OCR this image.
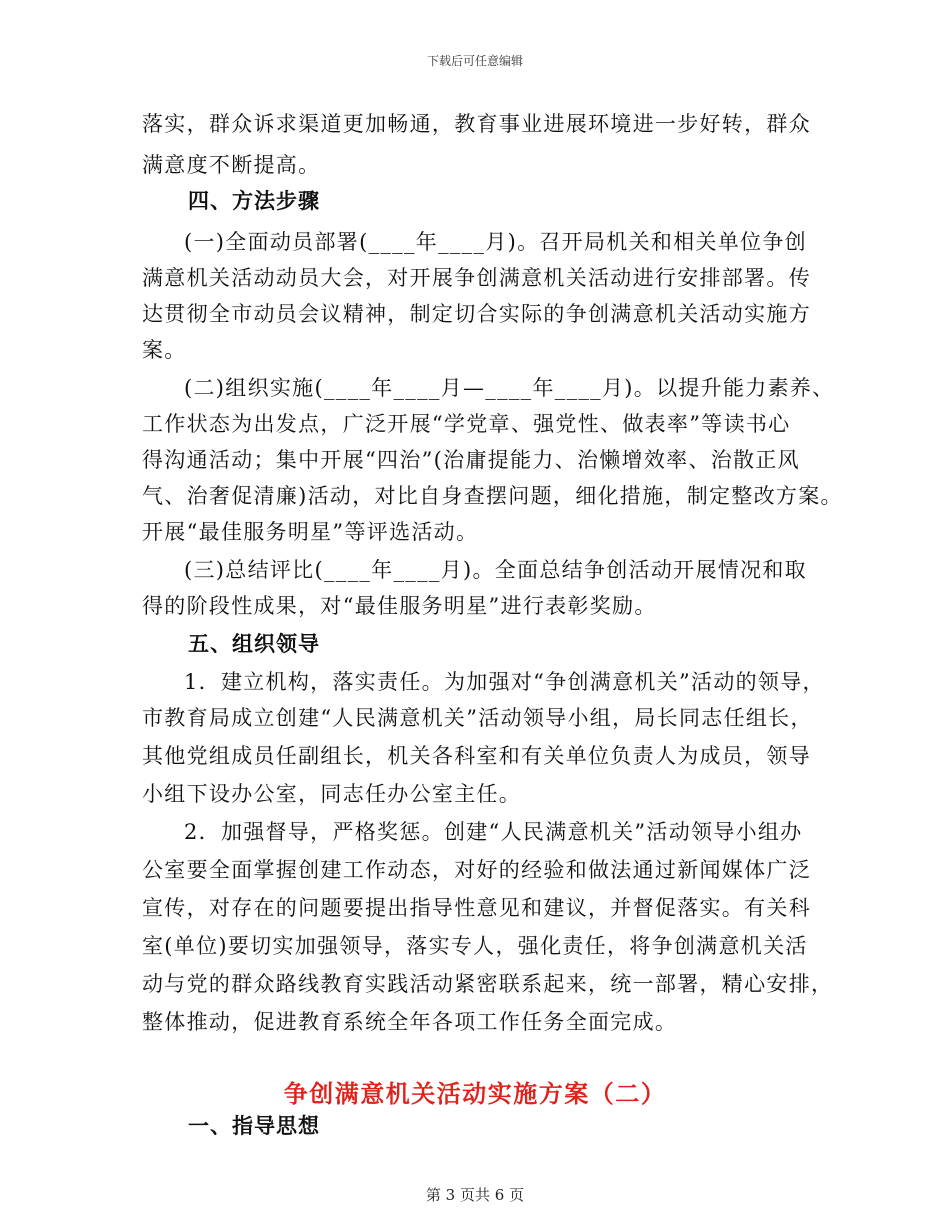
下载后可任意编辑
落实，群众诉求渠道更加畅通，教育事业进展环境进一步好转，群众
满意度不断提高。
四、方法步骤
(一)全面动员部署(____年____月)。召开局机关和相关单位争创
满意机关活动动员大会，对开展争创满意机关活动进行安排部署。传
达贯彻全市动员会议精神，制定切合实际的争创满意机关活动实施方
案。
(二)组织实施(____年____月—____年____月)。以提升能力素养、
工作状态为出发点，广泛开展“学党章、强党性、做表率”等读书心
得沟通活动；集中开展“四治”(治庸提能力、治懒增效率、治散正风
气、治奢促清廉)活动，对比自身查摆问题，细化措施，制定整改方案。
开展“最佳服务明星”等评选活动。
(三)总结评比(____年____月)。全面总结争创活动开展情况和取
得的阶段性成果，对“最佳服务明星”进行表彰奖励。
五、组织领导
1．建立机构，落实责任。为加强对“争创满意机关”活动的领导，
市教育局成立创建“人民满意机关”活动领导小组，局长同志任组长，
其他党组成员任副组长，机关各科室和有关单位负责人为成员，领导
小组下设办公室，同志任办公室主任。
2．加强督导，严格奖惩。创建“人民满意机关”活动领导小组办
公室要全面掌握创建工作动态，对好的经验和做法通过新闻媒体广泛
宣传，对存在的问题要提出指导性意见和建议，并督促落实。有关科
室(单位)要切实加强领导，落实专人，强化责任，将争创满意机关活
动与党的群众路线教育实践活动紧密联系起来，统一部署，精心安排，
整体推动，促进教育系统全年各项工作任务全面完成。
争创满意机关活动实施方案（二）
一、指导思想
第 3 页共 6 页
